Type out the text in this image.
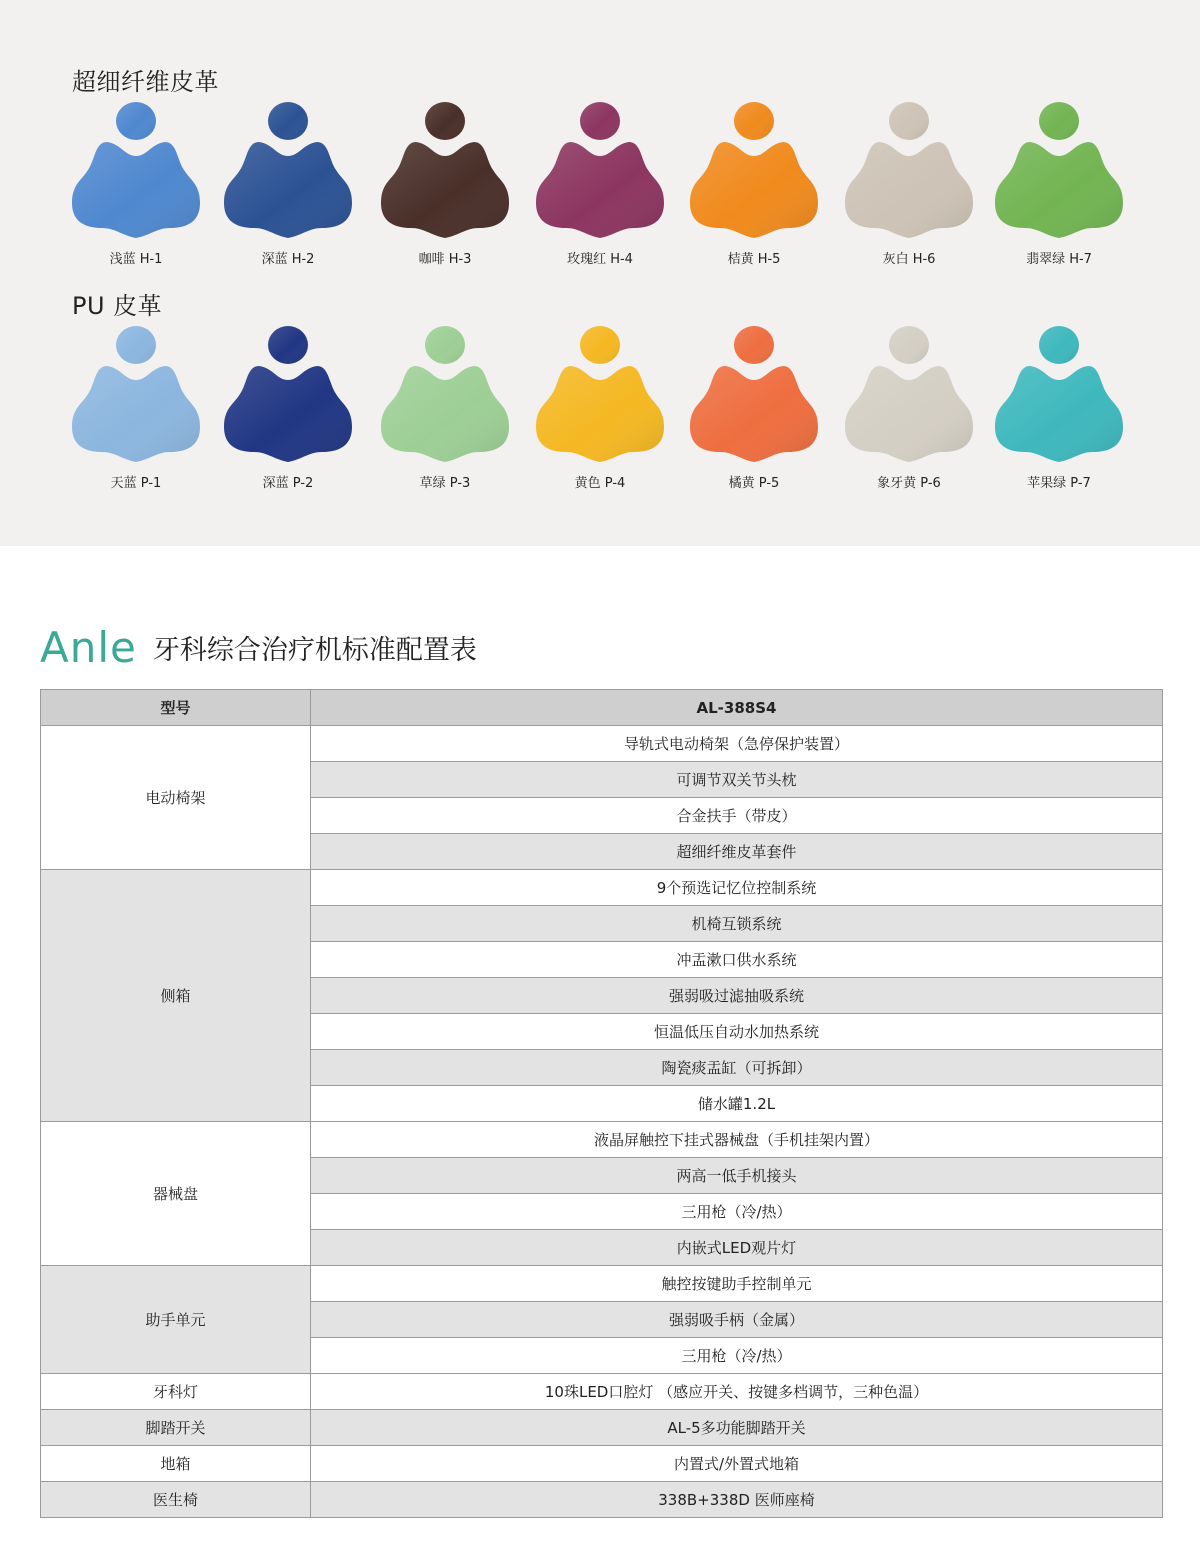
超细纤维皮革
浅蓝 H-1	深蓝 H-2	咖啡 H-3	玫瑰红 H-4	桔黄 H-5	灰白 H-6	翡翠绿 H-7
PU 皮革
天蓝 P-1	深蓝 P-2	草绿 P-3	黄色 P-4	橘黄 P-5	象牙黄 P-6	苹果绿 P-7
Anle 牙科综合治疗机标准配置表
型号	AL-388S4
电动椅架	导轨式电动椅架（急停保护装置）
	可调节双关节头枕
	合金扶手（带皮）
	超细纤维皮革套件
侧箱	9个预选记忆位控制系统
	机椅互锁系统
	冲盂漱口供水系统
	强弱吸过滤抽吸系统
	恒温低压自动水加热系统
	陶瓷痰盂缸（可拆卸）
	储水罐1.2L
器械盘	液晶屏触控下挂式器械盘（手机挂架内置）
	两高一低手机接头
	三用枪（冷/热）
	内嵌式LED观片灯
助手单元	触控按键助手控制单元
	强弱吸手柄（金属）
	三用枪（冷/热）
牙科灯	10珠LED口腔灯 （感应开关、按键多档调节，三种色温）
脚踏开关	AL-5多功能脚踏开关
地箱	内置式/外置式地箱
医生椅	338B+338D 医师座椅
